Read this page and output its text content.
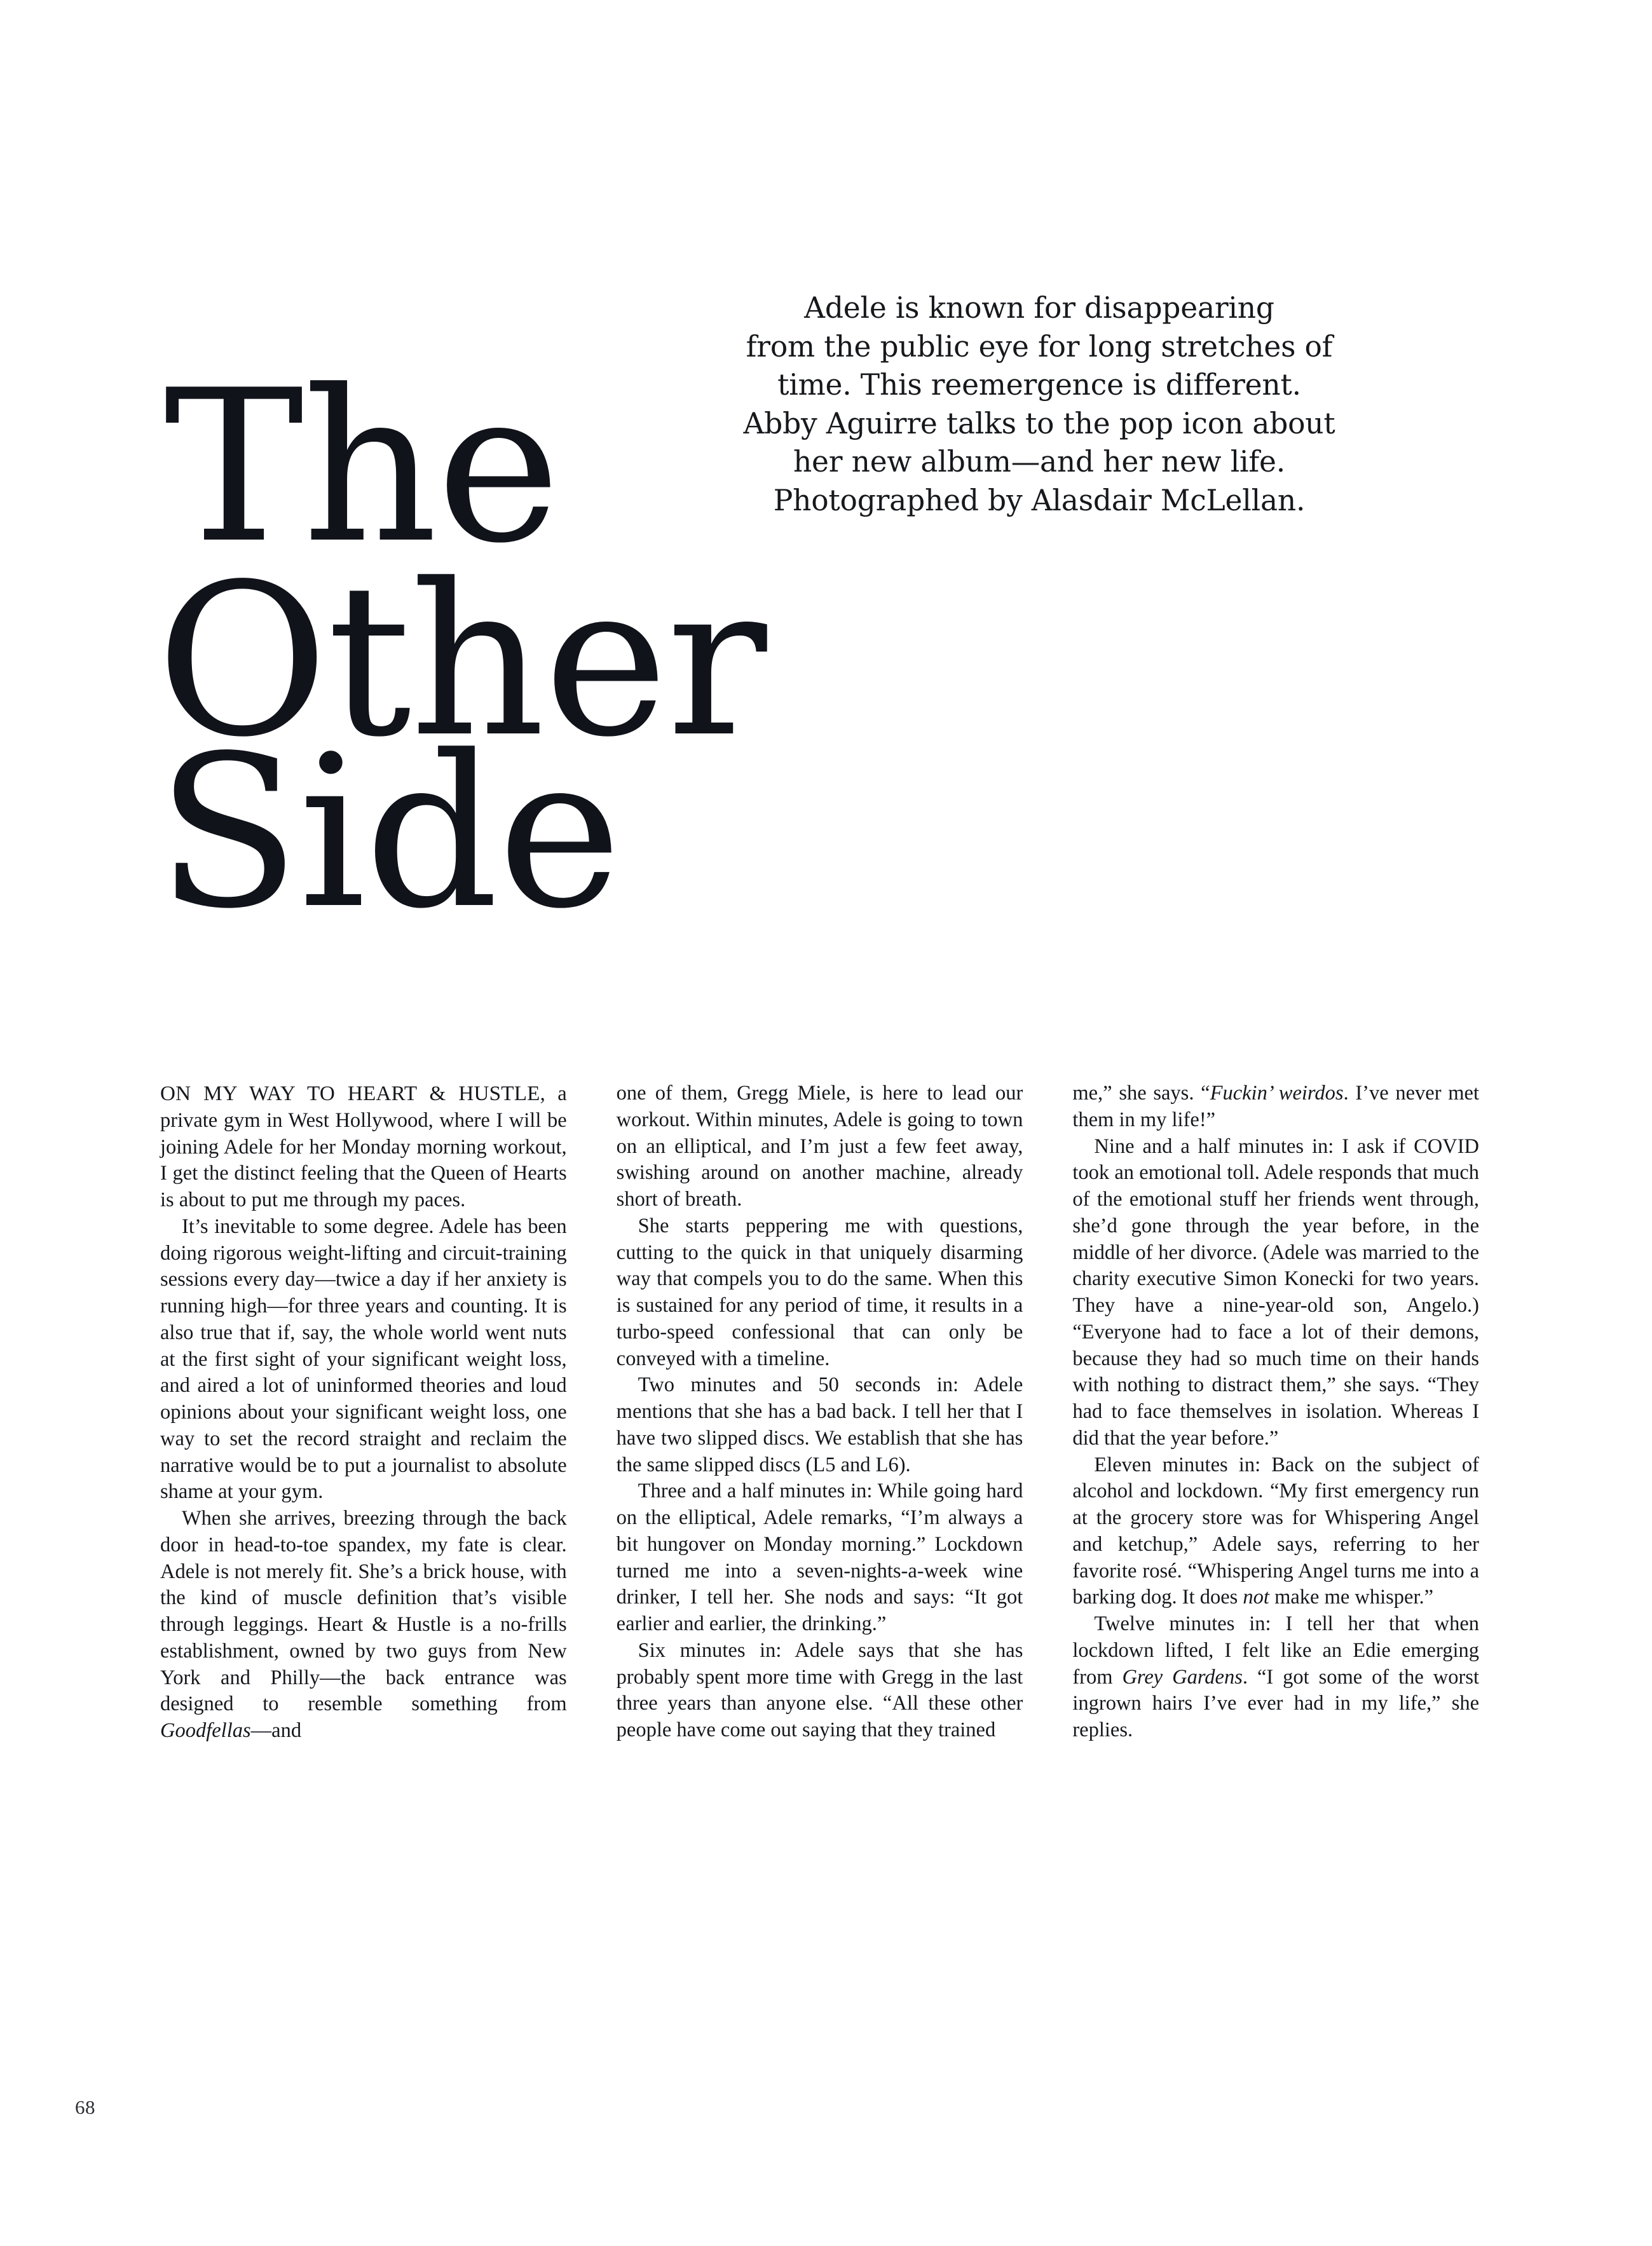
The
Other Side
Adele is known for disappearing
from the public eye for long stretches of
time. This reemergence is different.
Abby Aguirre talks to the pop icon about
her new album—and her new life.
Photographed by Alasdair McLellan.

ON MY WAY TO HEART & HUSTLE, a private gym in West Hollywood, where I will be joining Adele for her Monday morning workout, I get the distinct feeling that the Queen of Hearts is about to put me through my paces.

It’s inevitable to some degree. Adele has been doing rigorous weight-lifting and circuit-training sessions every day—twice a day if her anxiety is running high—for three years and counting. It is also true that if, say, the whole world went nuts at the first sight of your significant weight loss, and aired a lot of uninformed theories and loud opinions about your significant weight loss, one way to set the record straight and reclaim the narrative would be to put a journalist to absolute shame at your gym.

When she arrives, breezing through the back door in head-to-toe spandex, my fate is clear. Adele is not merely fit. She’s a brick house, with the kind of muscle definition that’s visible through leggings. Heart & Hustle is a no-frills establishment, owned by two guys from New York and Philly—the back entrance was designed to resemble something from Goodfellas—and

one of them, Gregg Miele, is here to lead our workout. Within minutes, Adele is going to town on an elliptical, and I’m just a few feet away, swishing around on another machine, already short of breath.

She starts peppering me with questions, cutting to the quick in that uniquely disarming way that compels you to do the same. When this is sustained for any period of time, it results in a turbo-speed confessional that can only be conveyed with a timeline.

Two minutes and 50 seconds in: Adele mentions that she has a bad back. I tell her that I have two slipped discs. We establish that she has the same slipped discs (L5 and L6).

Three and a half minutes in: While going hard on the elliptical, Adele remarks, “I’m always a bit hungover on Monday morning.” Lockdown turned me into a seven-nights-a-week wine drinker, I tell her. She nods and says: “It got earlier and earlier, the drinking.”

Six minutes in: Adele says that she has probably spent more time with Gregg in the last three years than anyone else. “All these other people have come out saying that they trained

me,” she says. “Fuckin’ weirdos. I’ve never met them in my life!”

Nine and a half minutes in: I ask if COVID took an emotional toll. Adele responds that much of the emotional stuff her friends went through, she’d gone through the year before, in the middle of her divorce. (Adele was married to the charity executive Simon Konecki for two years. They have a nine-year-old son, Angelo.) “Everyone had to face a lot of their demons, because they had so much time on their hands with nothing to distract them,” she says. “They had to face themselves in isolation. Whereas I did that the year before.”

Eleven minutes in: Back on the subject of alcohol and lockdown. “My first emergency run at the grocery store was for Whispering Angel and ketchup,” Adele says, referring to her favorite rosé. “Whispering Angel turns me into a barking dog. It does not make me whisper.”

Twelve minutes in: I tell her that when lockdown lifted, I felt like an Edie emerging from Grey Gardens. “I got some of the worst ingrown hairs I’ve ever had in my life,” she replies.

68
